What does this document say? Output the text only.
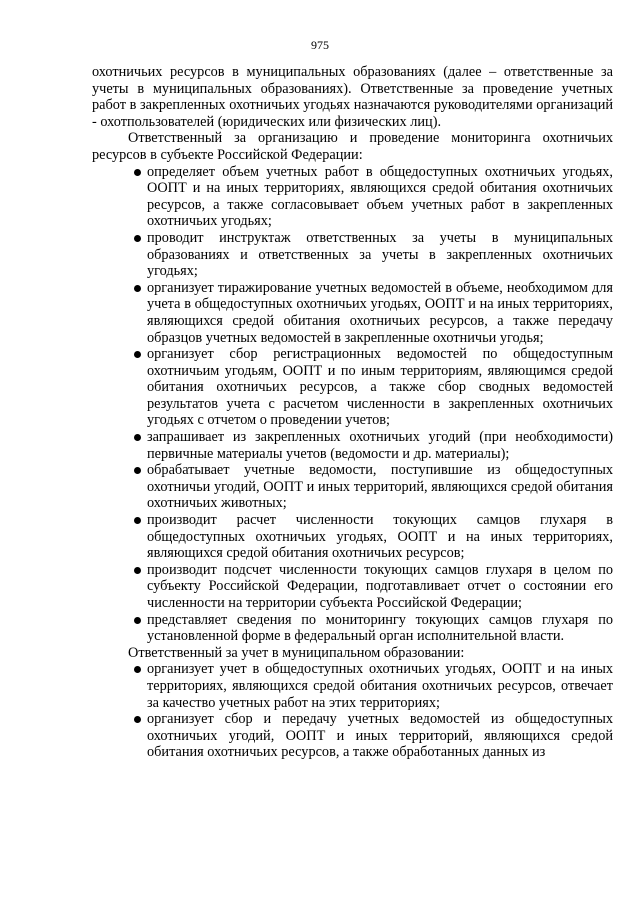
975

охотничьих ресурсов в муниципальных образованиях (далее – ответственные за учеты в муниципальных образованиях). Ответственные за проведение учетных работ в закрепленных охотничьих угодьях назначаются руководителями организаций - охотпользователей (юридических или физических лиц).

Ответственный за организацию и проведение мониторинга охотничьих ресурсов в субъекте Российской Федерации:

определяет объем учетных работ в общедоступных охотничьих угодьях, ООПТ и на иных территориях, являющихся средой обитания охотничьих ресурсов, а также согласовывает объем учетных работ в закрепленных охотничьих угодьях;
проводит инструктаж ответственных за учеты в муниципальных образованиях и ответственных за учеты в закрепленных охотничьих угодьях;
организует тиражирование учетных ведомостей в объеме, необходимом для учета в общедоступных охотничьих угодьях, ООПТ и на иных территориях, являющихся средой обитания охотничьих ресурсов, а также передачу образцов учетных ведомостей в закрепленные охотничьи угодья;
организует сбор регистрационных ведомостей по общедоступным охотничьим угодьям, ООПТ и по иным территориям, являющимся средой обитания охотничьих ресурсов, а также сбор сводных ведомостей результатов учета с расчетом численности в закрепленных охотничьих угодьях с отчетом о проведении учетов;
запрашивает из закрепленных охотничьих угодий (при необходимости) первичные материалы учетов (ведомости и др. материалы);
обрабатывает учетные ведомости, поступившие из общедоступных охотничьи угодий, ООПТ и иных территорий, являющихся средой обитания охотничьих животных;
производит расчет численности токующих самцов глухаря в общедоступных охотничьих угодьях, ООПТ и на иных территориях, являющихся средой обитания охотничьих ресурсов;
производит подсчет численности токующих самцов глухаря в целом по субъекту Российской Федерации, подготавливает отчет о состоянии его численности на территории субъекта Российской Федерации;
представляет сведения по мониторингу токующих самцов глухаря по установленной форме в федеральный орган исполнительной власти.

Ответственный за учет в муниципальном образовании:

организует учет в общедоступных охотничьих угодьях, ООПТ и на иных территориях, являющихся средой обитания охотничьих ресурсов, отвечает за качество учетных работ на этих территориях;
организует сбор и передачу учетных ведомостей из общедоступных охотничьих угодий, ООПТ и иных территорий, являющихся средой обитания охотничьих ресурсов, а также обработанных данных из
